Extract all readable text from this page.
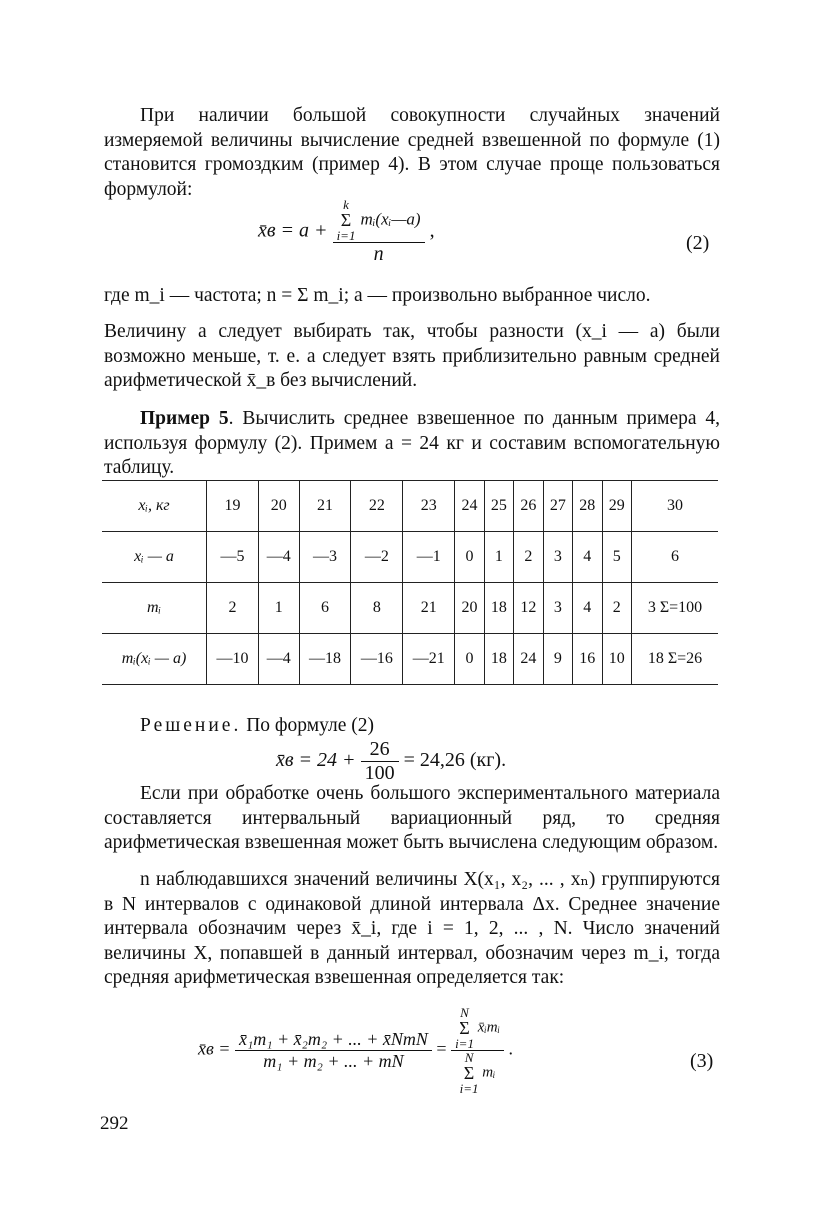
При наличии большой совокупности случайных значений измеряемой величины вычисление средней взвешенной по формуле (1) становится громоздким (пример 4). В этом случае проще пользоваться формулой:
x̄в = a + k
Σ
i=1 mᵢ(xᵢ—a)
n ,
(2)
где m_i — частота; n = Σ m_i; a — произвольно выбранное число.
Величину a следует выбирать так, чтобы разности (x_i — a) были возможно меньше, т. е. a следует взять приблизительно равным средней арифметической x̄_в без вычислений.
Пример 5. Вычислить среднее взвешенное по данным примера 4, используя формулу (2). Примем a = 24 кг и составим вспомогательную таблицу.
xᵢ, кг	19	20	21	22	23	24	25	26	27	28	29	30
xᵢ — a	—5	—4	—3	—2	—1	0	1	2	3	4	5	6
mᵢ	2	1	6	8	21	20	18	12	3	4	2	3 Σ=100
mᵢ(xᵢ — a)	—10	—4	—18	—16	—21	0	18	24	9	16	10	18 Σ=26
Решение. По формуле (2)
x̄в = $24 + \frac{26}{100} = 24,26$ (кг).
Если при обработке очень большого экспериментального материала составляется интервальный вариационный ряд, то средняя арифметическая взвешенная может быть вычислена следующим образом.
n наблюдавшихся значений величины X(x₁, x₂, ... , xₙ) группируются в N интервалов с одинаковой длиной интервала Δx. Среднее значение интервала обозначим через x̄_i, где i = 1, 2, ... , N. Число значений величины X, попавшей в данный интервал, обозначим через m_i, тогда средняя арифметическая взвешенная определяется так:
x̄в = $\frac{\text{x̄₁m₁ + x̄₂m₂ + ... + x̄NmN}}{\text{m₁ + m₂ + ... + mN}} = N$
Σ
i=1 x̄ᵢmᵢ
N
Σ
i=1 mᵢ .
(3)
292
